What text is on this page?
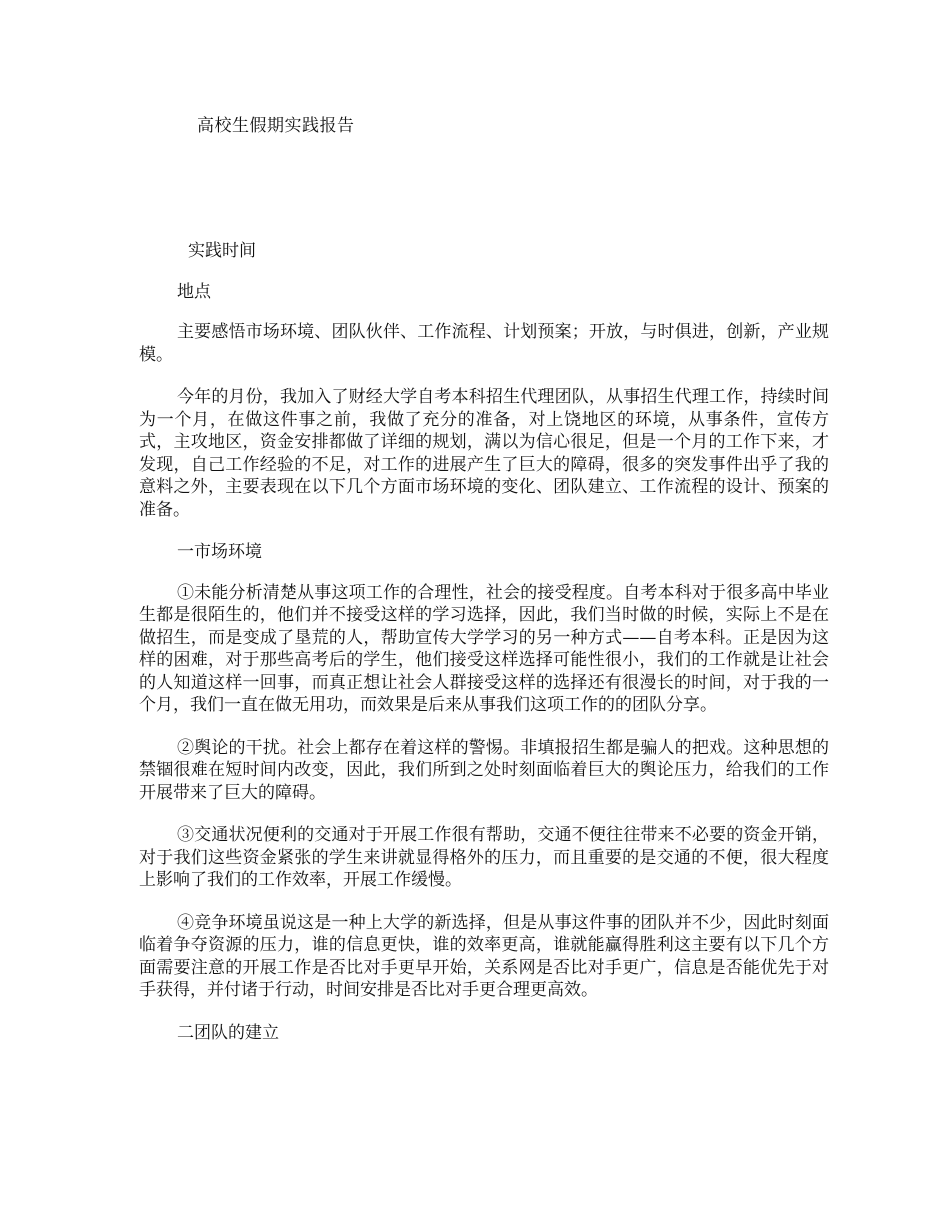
高校生假期实践报告

实践时间

地点

主要感悟市场环境、团队伙伴、工作流程、计划预案；开放，与时俱进，创新，产业规模。

今年的月份，我加入了财经大学自考本科招生代理团队，从事招生代理工作，持续时间为一个月，在做这件事之前，我做了充分的准备，对上饶地区的环境，从事条件，宣传方式，主攻地区，资金安排都做了详细的规划，满以为信心很足，但是一个月的工作下来，才发现，自己工作经验的不足，对工作的进展产生了巨大的障碍，很多的突发事件出乎了我的意料之外，主要表现在以下几个方面市场环境的变化、团队建立、工作流程的设计、预案的准备。

一市场环境

①未能分析清楚从事这项工作的合理性，社会的接受程度。自考本科对于很多高中毕业生都是很陌生的，他们并不接受这样的学习选择，因此，我们当时做的时候，实际上不是在做招生，而是变成了垦荒的人，帮助宣传大学学习的另一种方式——自考本科。正是因为这样的困难，对于那些高考后的学生，他们接受这样选择可能性很小，我们的工作就是让社会的人知道这样一回事，而真正想让社会人群接受这样的选择还有很漫长的时间，对于我的一个月，我们一直在做无用功，而效果是后来从事我们这项工作的的团队分享。

②舆论的干扰。社会上都存在着这样的警惕。非填报招生都是骗人的把戏。这种思想的禁锢很难在短时间内改变，因此，我们所到之处时刻面临着巨大的舆论压力，给我们的工作开展带来了巨大的障碍。

③交通状况便利的交通对于开展工作很有帮助，交通不便往往带来不必要的资金开销，对于我们这些资金紧张的学生来讲就显得格外的压力，而且重要的是交通的不便，很大程度上影响了我们的工作效率，开展工作缓慢。

④竞争环境虽说这是一种上大学的新选择，但是从事这件事的团队并不少，因此时刻面临着争夺资源的压力，谁的信息更快，谁的效率更高，谁就能赢得胜利这主要有以下几个方面需要注意的开展工作是否比对手更早开始，关系网是否比对手更广，信息是否能优先于对手获得，并付诸于行动，时间安排是否比对手更合理更高效。

二团队的建立
